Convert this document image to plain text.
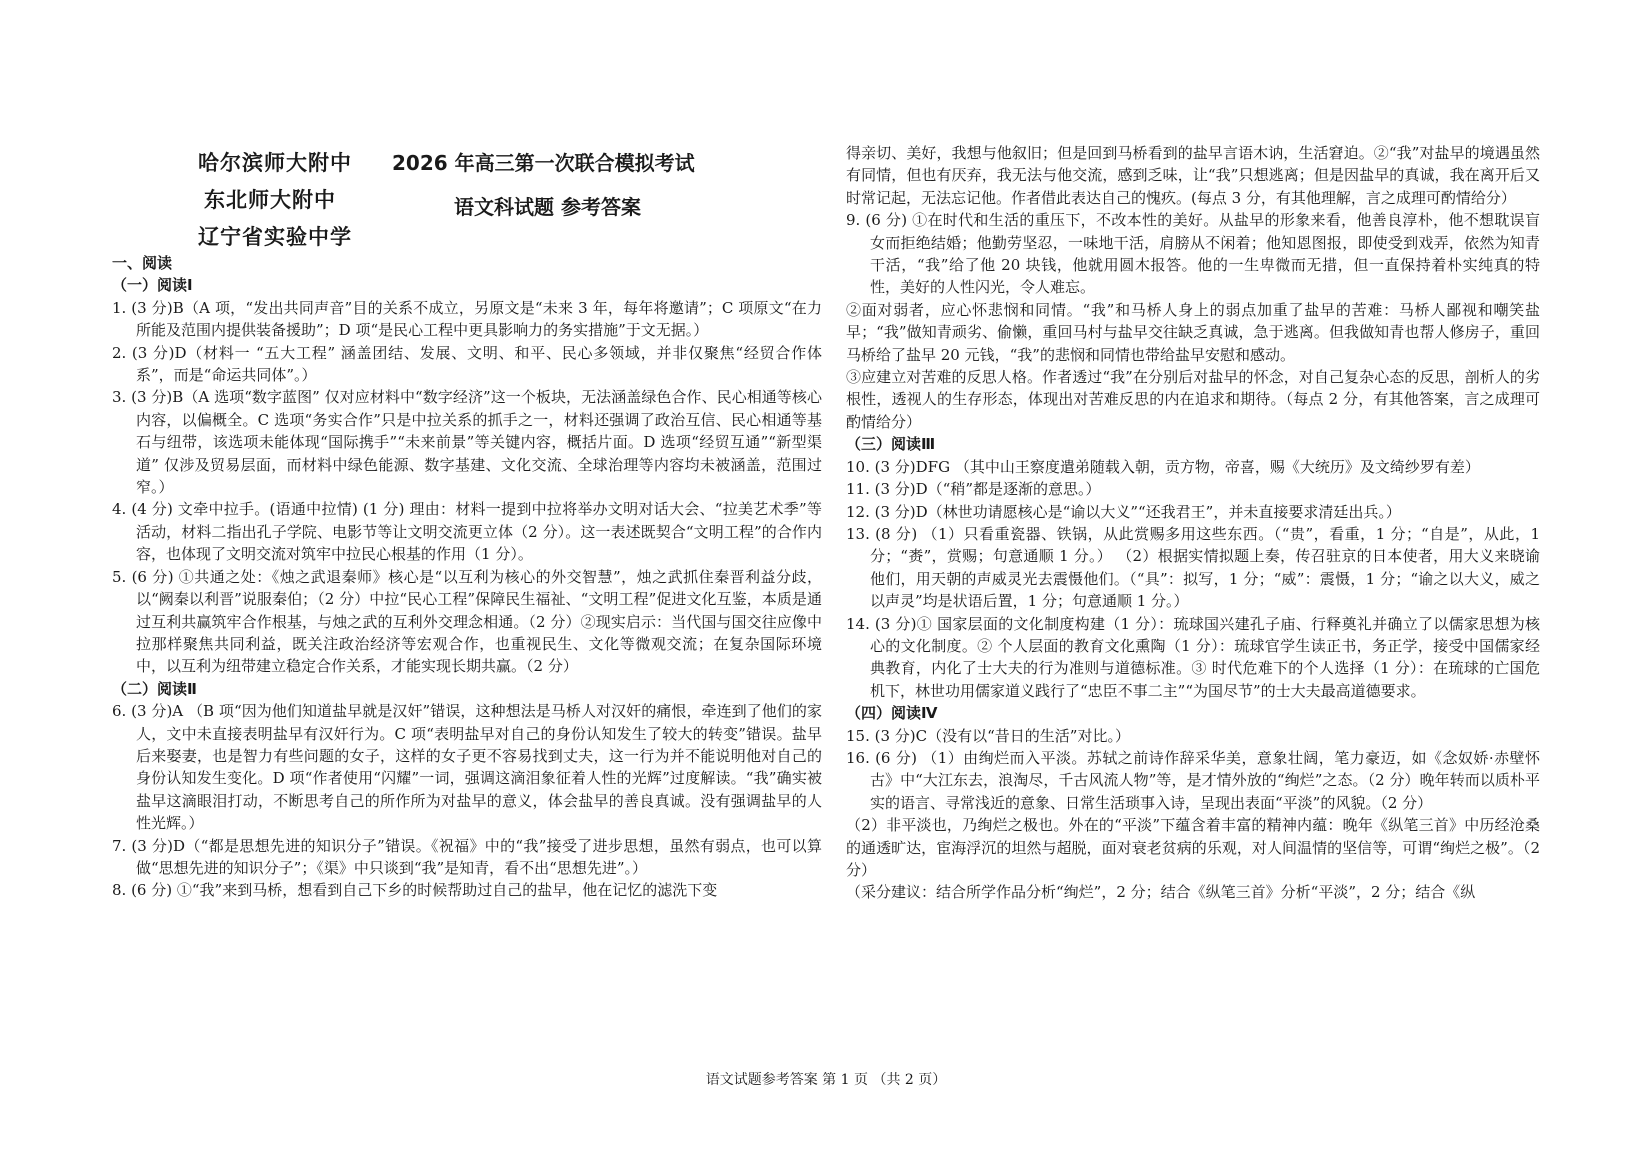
哈尔滨师大附中
东北师大附中
辽宁省实验中学
2026 年高三第一次联合模拟考试
语文科试题 参考答案

一、阅读

（一）阅读Ⅰ

1. (3 分)B（A 项，“发出共同声音”目的关系不成立，另原文是“未来 3 年，每年将邀请”；C 项原文“在力所能及范围内提供装备援助”；D 项“是民心工程中更具影响力的务实措施”于文无据。）

2. (3 分)D（材料一 “五大工程” 涵盖团结、发展、文明、和平、民心多领域，并非仅聚焦“经贸合作体系”，而是“命运共同体”。）

3. (3 分)B（A 选项“数字蓝图” 仅对应材料中“数字经济”这一个板块，无法涵盖绿色合作、民心相通等核心内容，以偏概全。C 选项“务实合作”只是中拉关系的抓手之一，材料还强调了政治互信、民心相通等基石与纽带，该选项未能体现“国际携手”“未来前景”等关键内容，概括片面。D 选项“经贸互通”“新型渠道” 仅涉及贸易层面，而材料中绿色能源、数字基建、文化交流、全球治理等内容均未被涵盖，范围过窄。）

4. (4 分) 文牵中拉手。(语通中拉情) (1 分) 理由：材料一提到中拉将举办文明对话大会、“拉美艺术季”等活动，材料二指出孔子学院、电影节等让文明交流更立体（2 分）。这一表述既契合“文明工程”的合作内容，也体现了文明交流对筑牢中拉民心根基的作用（1 分）。

5. (6 分) ①共通之处：《烛之武退秦师》核心是“以互利为核心的外交智慧”，烛之武抓住秦晋利益分歧，以“阙秦以利晋”说服秦伯；（2 分）中拉“民心工程”保障民生福祉、“文明工程”促进文化互鉴，本质是通过互利共赢筑牢合作根基，与烛之武的互利外交理念相通。（2 分）②现实启示：当代国与国交往应像中拉那样聚焦共同利益，既关注政治经济等宏观合作，也重视民生、文化等微观交流；在复杂国际环境中，以互利为纽带建立稳定合作关系，才能实现长期共赢。（2 分）

（二）阅读Ⅱ

6. (3 分)A （B 项“因为他们知道盐早就是汉奸”错误，这种想法是马桥人对汉奸的痛恨，牵连到了他们的家人，文中未直接表明盐早有汉奸行为。C 项“表明盐早对自己的身份认知发生了较大的转变”错误。盐早后来娶妻，也是智力有些问题的女子，这样的女子更不容易找到丈夫，这一行为并不能说明他对自己的身份认知发生变化。D 项“作者使用“闪耀”一词，强调这滴泪象征着人性的光辉”过度解读。“我”确实被盐早这滴眼泪打动，不断思考自己的所作所为对盐早的意义，体会盐早的善良真诚。没有强调盐早的人性光辉。）

7. (3 分)D（“都是思想先进的知识分子”错误。《祝福》中的“我”接受了进步思想，虽然有弱点，也可以算做“思想先进的知识分子”；《渠》中只谈到“我”是知青，看不出“思想先进”。）

8. (6 分) ①“我”来到马桥，想看到自己下乡的时候帮助过自己的盐早，他在记忆的滤洗下变

得亲切、美好，我想与他叙旧；但是回到马桥看到的盐早言语木讷，生活窘迫。②“我”对盐早的境遇虽然有同情，但也有厌弃，我无法与他交流，感到乏味，让“我”只想逃离；但是因盐早的真诚，我在离开后又时常记起，无法忘记他。作者借此表达自己的愧疚。(每点 3 分，有其他理解，言之成理可酌情给分）

9. (6 分) ①在时代和生活的重压下，不改本性的美好。从盐早的形象来看，他善良淳朴，他不想耽误盲女而拒绝结婚；他勤劳坚忍，一味地干活，肩膀从不闲着；他知恩图报，即使受到戏弄，依然为知青干活，“我”给了他 20 块钱，他就用圆木报答。他的一生卑微而无措，但一直保持着朴实纯真的特性，美好的人性闪光，令人难忘。

②面对弱者，应心怀悲悯和同情。“我”和马桥人身上的弱点加重了盐早的苦难：马桥人鄙视和嘲笑盐早；“我”做知青顽劣、偷懒，重回马村与盐早交往缺乏真诚，急于逃离。但我做知青也帮人修房子，重回马桥给了盐早 20 元钱，“我”的悲悯和同情也带给盐早安慰和感动。

③应建立对苦难的反思人格。作者透过“我”在分别后对盐早的怀念，对自己复杂心态的反思，剖析人的劣根性，透视人的生存形态，体现出对苦难反思的内在追求和期待。（每点 2 分，有其他答案，言之成理可酌情给分）

（三）阅读Ⅲ

10. (3 分)DFG （其中山王察度遣弟随载入朝，贡方物，帝喜，赐《大统历》及文绮纱罗有差）

11. (3 分)D（“稍”都是逐渐的意思。）

12. (3 分)D（林世功请愿核心是“谕以大义”“还我君王”，并未直接要求清廷出兵。）

13. (8 分) （1）只看重瓷器、铁锅，从此赏赐多用这些东西。（“贵”，看重，1 分；“自是”，从此，1 分；“赉”，赏赐；句意通顺 1 分。） （2）根据实情拟题上奏，传召驻京的日本使者，用大义来晓谕他们，用天朝的声威灵光去震慑他们。（“具”：拟写，1 分；“威”：震慑，1 分；“谕之以大义，威之以声灵”均是状语后置，1 分；句意通顺 1 分。）

14. (3 分)① 国家层面的文化制度构建（1 分）：琉球国兴建孔子庙、行释奠礼并确立了以儒家思想为核心的文化制度。② 个人层面的教育文化熏陶（1 分）：琉球官学生读正书，务正学，接受中国儒家经典教育，内化了士大夫的行为准则与道德标准。③ 时代危难下的个人选择（1 分）：在琉球的亡国危机下，林世功用儒家道义践行了“忠臣不事二主”“为国尽节”的士大夫最高道德要求。

（四）阅读Ⅳ

15. (3 分)C（没有以“昔日的生活”对比。）

16. (6 分) （1）由绚烂而入平淡。苏轼之前诗作辞采华美，意象壮阔，笔力豪迈，如《念奴娇·赤壁怀古》中“大江东去，浪淘尽，千古风流人物”等，是才情外放的“绚烂”之态。（2 分）晚年转而以质朴平实的语言、寻常浅近的意象、日常生活琐事入诗，呈现出表面“平淡”的风貌。（2 分）

（2）非平淡也，乃绚烂之极也。外在的“平淡”下蕴含着丰富的精神内蕴：晚年《纵笔三首》中历经沧桑的通透旷达，宦海浮沉的坦然与超脱，面对衰老贫病的乐观，对人间温情的坚信等，可谓“绚烂之极”。（2 分）

（采分建议：结合所学作品分析“绚烂”，2 分；结合《纵笔三首》分析“平淡”，2 分；结合《纵

语文试题参考答案 第 1 页 （共 2 页）
